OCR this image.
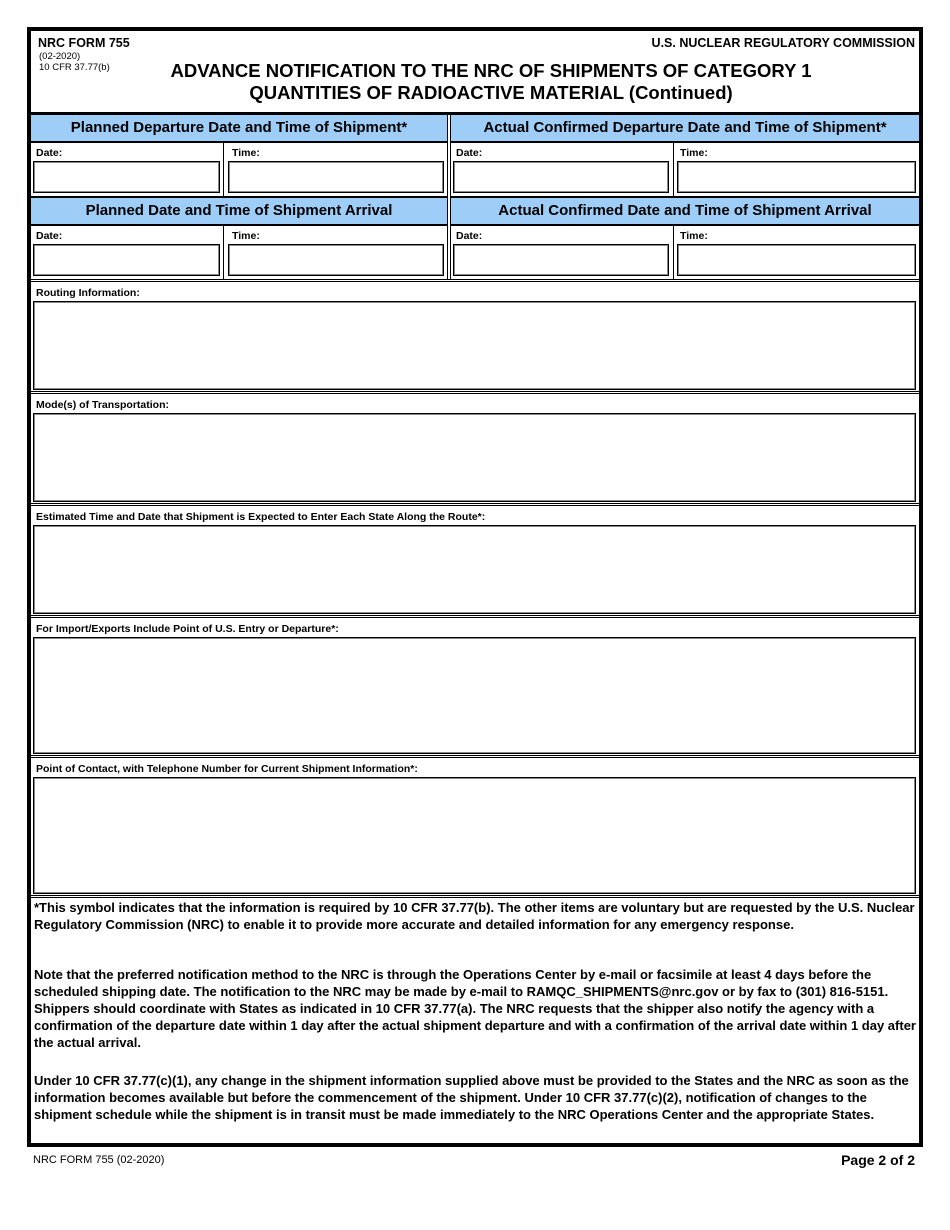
NRC FORM 755
(02-2020)
10 CFR 37.77(b)
U.S. NUCLEAR REGULATORY COMMISSION
ADVANCE NOTIFICATION TO THE NRC OF SHIPMENTS OF CATEGORY 1
QUANTITIES OF RADIOACTIVE MATERIAL (Continued)
Planned Departure Date and Time of Shipment*	Actual Confirmed Departure Date and Time of Shipment*
Date:	Time:	Date:	Time:
Planned Date and Time of Shipment Arrival	Actual Confirmed Date and Time of Shipment Arrival
Date:	Time:	Date:	Time:
Routing Information:
Mode(s) of Transportation:
Estimated Time and Date that Shipment is Expected to Enter Each State Along the Route*:
For Import/Exports Include Point of U.S. Entry or Departure*:
Point of Contact, with Telephone Number for Current Shipment Information*:
*This symbol indicates that the information is required by 10 CFR 37.77(b). The other items are voluntary but are requested by the U.S. Nuclear Regulatory Commission (NRC) to enable it to provide more accurate and detailed information for any emergency response.
Note that the preferred notification method to the NRC is through the Operations Center by e-mail or facsimile at least 4 days before the scheduled shipping date. The notification to the NRC may be made by e-mail to RAMQC_SHIPMENTS@nrc.gov or by fax to (301) 816-5151. Shippers should coordinate with States as indicated in 10 CFR 37.77(a). The NRC requests that the shipper also notify the agency with a confirmation of the departure date within 1 day after the actual shipment departure and with a confirmation of the arrival date within 1 day after the actual arrival.
Under 10 CFR 37.77(c)(1), any change in the shipment information supplied above must be provided to the States and the NRC as soon as the information becomes available but before the commencement of the shipment. Under 10 CFR 37.77(c)(2), notification of changes to the shipment schedule while the shipment is in transit must be made immediately to the NRC Operations Center and the appropriate States.
NRC FORM 755 (02-2020)	Page 2 of 2
